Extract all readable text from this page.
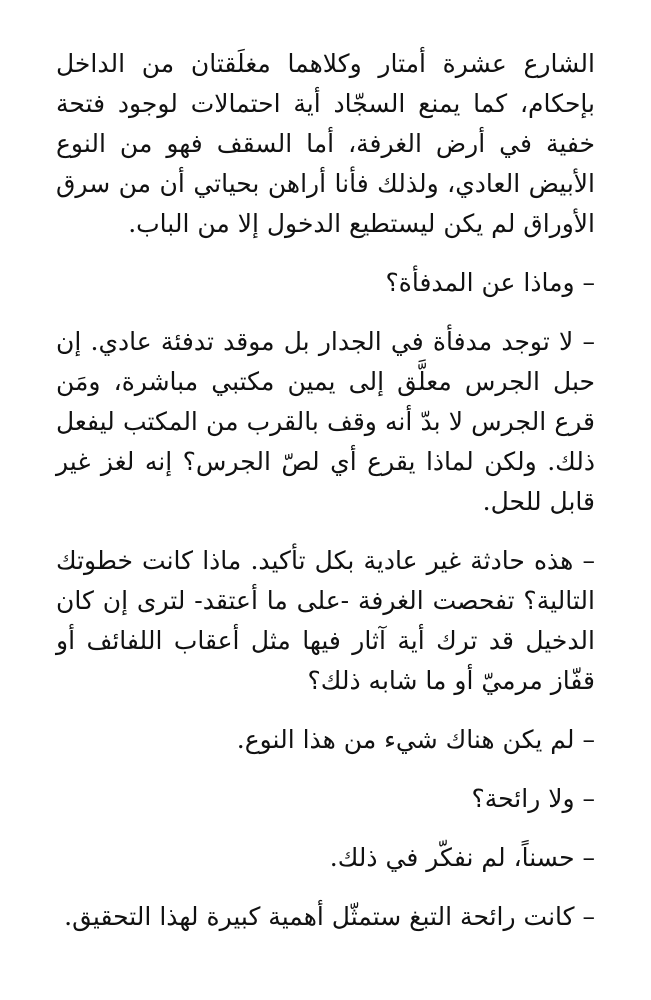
الشارع عشرة أمتار وكلاهما مغلَقتان من الداخل بإحكام، كما يمنع السجّاد أية احتمالات لوجود فتحة خفية في أرض الغرفة، أما السقف فهو من النوع الأبيض العادي، ولذلك فأنا أراهن بحياتي أن من سرق الأوراق لم يكن ليستطيع الدخول إلا من الباب.

– وماذا عن المدفأة؟

– لا توجد مدفأة في الجدار بل موقد تدفئة عادي. إن حبل الجرس معلَّق إلى يمين مكتبي مباشرة، ومَن قرع الجرس لا بدّ أنه وقف بالقرب من المكتب ليفعل ذلك. ولكن لماذا يقرع أي لصّ الجرس؟ إنه لغز غير قابل للحل.

– هذه حادثة غير عادية بكل تأكيد. ماذا كانت خطوتك التالية؟ تفحصت الغرفة -على ما أعتقد- لترى إن كان الدخيل قد ترك أية آثار فيها مثل أعقاب اللفائف أو قفّاز مرميّ أو ما شابه ذلك؟

– لم يكن هناك شيء من هذا النوع.

– ولا رائحة؟

– حسناً، لم نفكّر في ذلك.

– كانت رائحة التبغ ستمثّل أهمية كبيرة لهذا التحقيق.
